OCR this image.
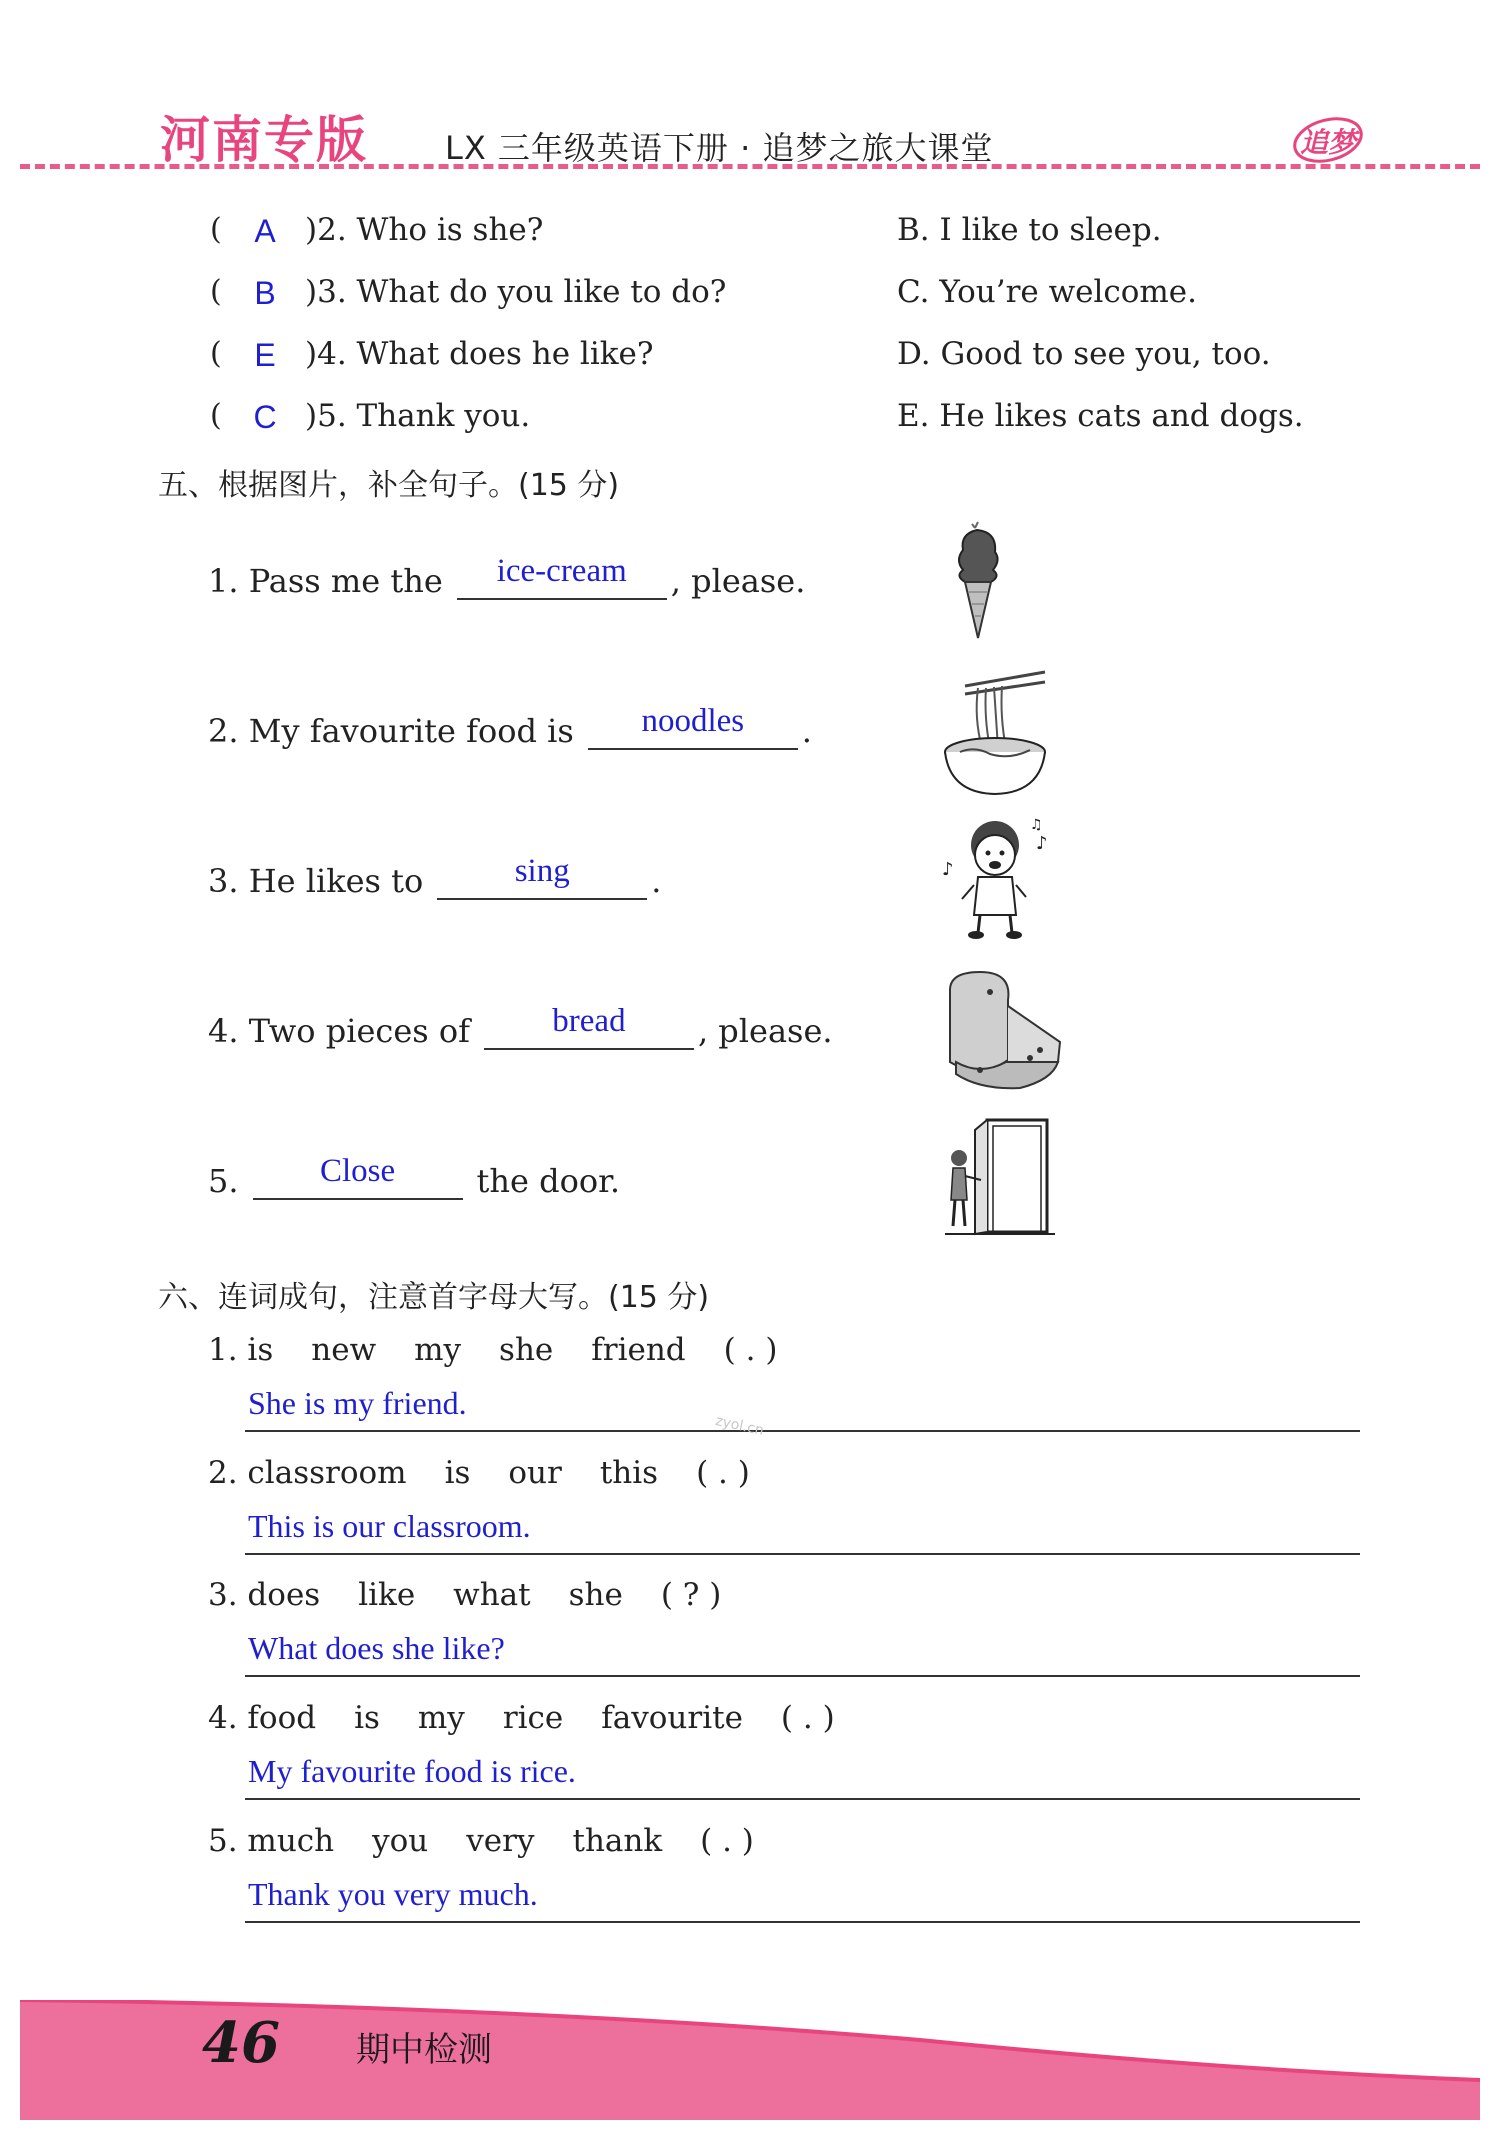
河南专版 LX 三年级英语下册 · 追梦之旅大课堂	追梦
( A )2. Who is she?
( B )3. What do you like to do?
( E )4. What does he like?
( C )5. Thank you.
B. I like to sleep.
C. You’re welcome.
D. Good to see you, too.
E. He likes cats and dogs.
五、根据图片，补全句子。(15 分)
1. Pass me the	ice-cream	, please.
2. My favourite food is	noodles	.
3. He likes to	sing	.
4. Two pieces of	bread	, please.
5.	Close	the door.
♪
♪
♫
六、连词成句，注意首字母大写。(15 分)
1. is new my she friend ( . )
She is my friend.
2. classroom is our this ( . )
This is our classroom.
3. does like what she ( ? )
What does she like?
4. food is my rice favourite ( . )
My favourite food is rice.
5. much you very thank ( . )
Thank you very much.
zyol.cn
46 期中检测
